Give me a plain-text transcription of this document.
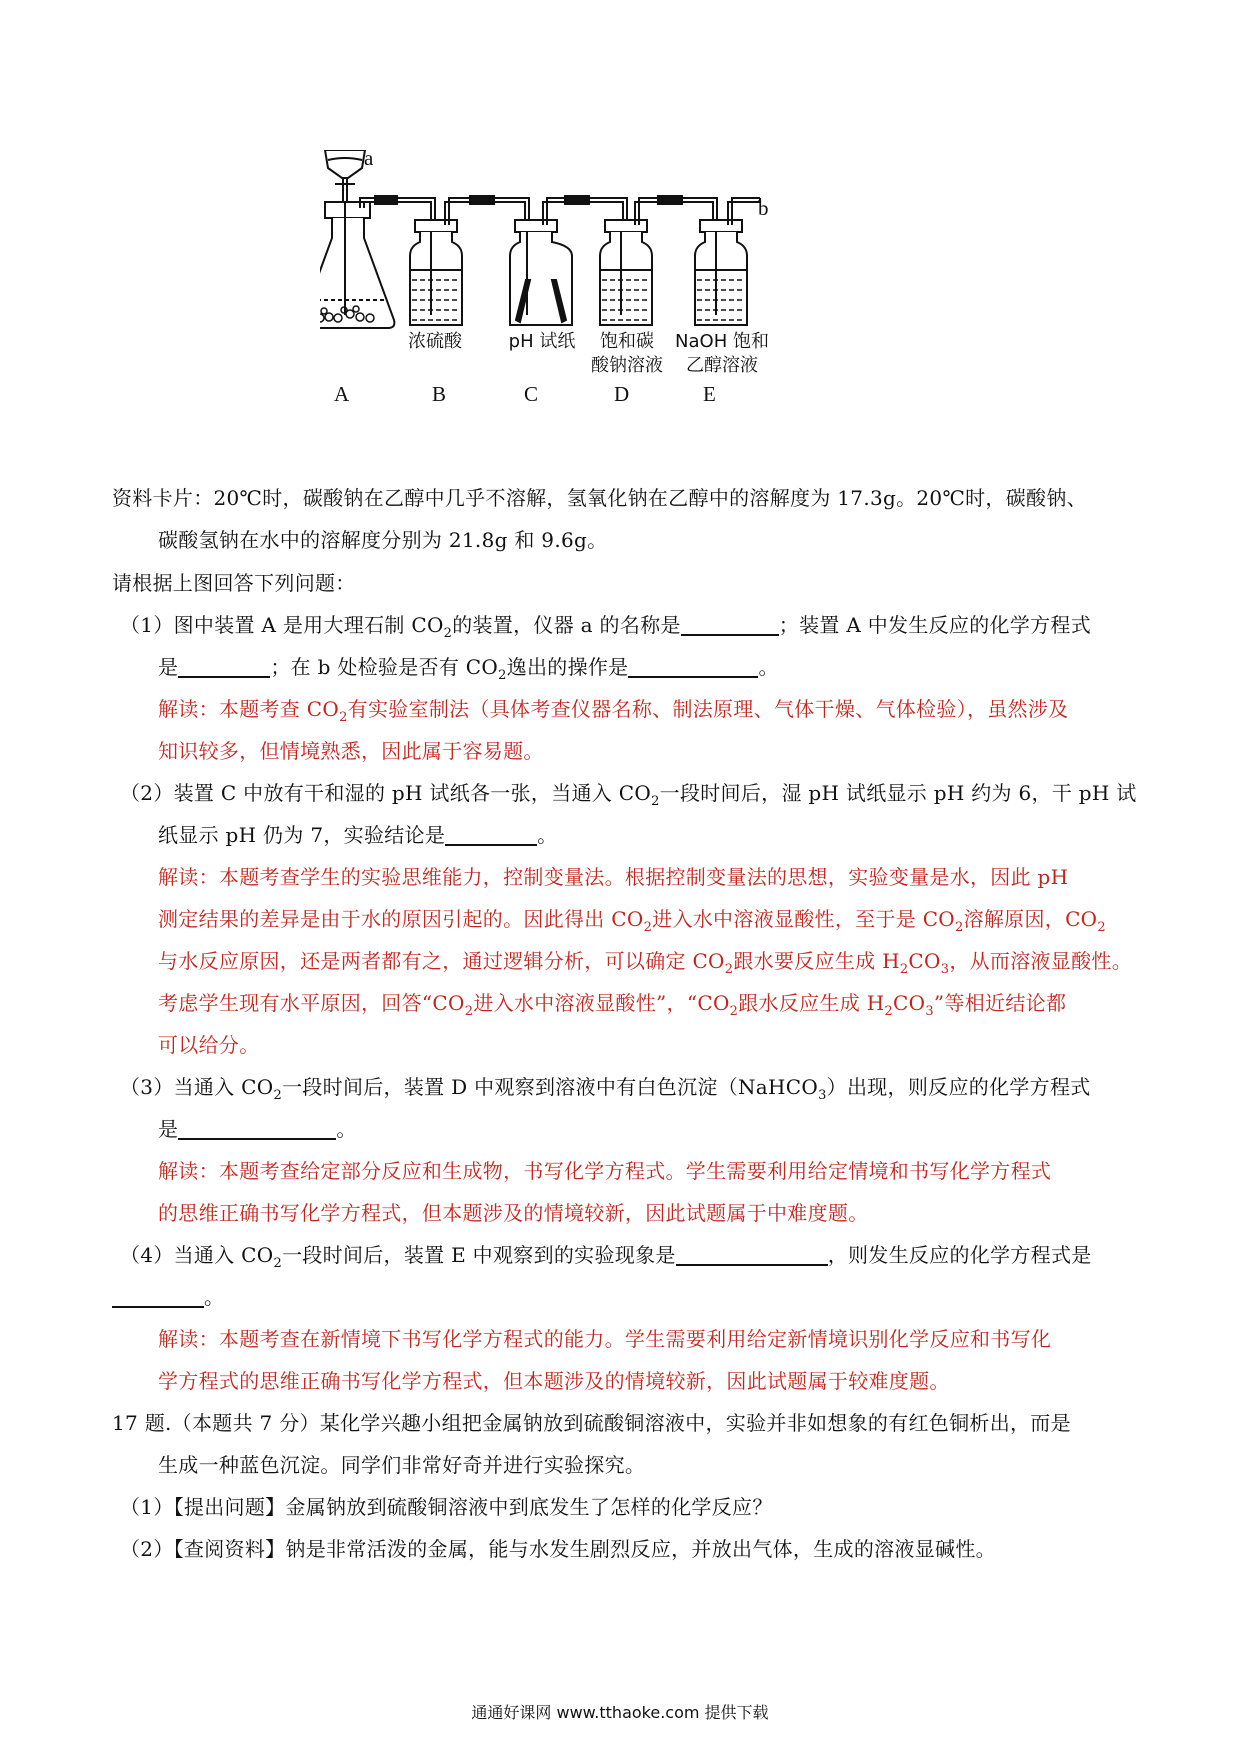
a
b
浓硫酸	pH 试纸	饱和碳
酸钠溶液
NaOH 饱和
乙醇溶液
A	B	C	D	E
资料卡片：20℃时，碳酸钠在乙醇中几乎不溶解，氢氧化钠在乙醇中的溶解度为 17.3g。20℃时，碳酸钠、
碳酸氢钠在水中的溶解度分别为 21.8g 和 9.6g。
请根据上图回答下列问题：
（1）图中装置 A 是用大理石制 $CO_2$的装置，仪器 a 的名称是	；装置 A 中发生反应的化学方程式
是	；在 b 处检验是否有 $CO_2$逸出的操作是	。
解读：本题考查 $CO_2$有实验室制法（具体考查仪器名称、制法原理、气体干燥、气体检验），虽然涉及
知识较多，但情境熟悉，因此属于容易题。
（2）装置 C 中放有干和湿的 pH 试纸各一张，当通入 $CO_2$一段时间后，湿 pH 试纸显示 pH 约为 6，干 pH 试
纸显示 pH 仍为 7，实验结论是	。
解读：本题考查学生的实验思维能力，控制变量法。根据控制变量法的思想，实验变量是水，因此 pH
测定结果的差异是由于水的原因引起的。因此得出 $CO_2$进入水中溶液显酸性，至于是 $CO_2$溶解原因，$CO_2$
与水反应原因，还是两者都有之，通过逻辑分析，可以确定 $CO_2$跟水要反应生成 $H_2CO_3$，从而溶液显酸性。
考虑学生现有水平原因，回答“$CO_2$进入水中溶液显酸性”，“$CO_2$跟水反应生成 $H_2CO_3$”等相近结论都
可以给分。
（3）当通入 $CO_2$一段时间后，装置 D 中观察到溶液中有白色沉淀（NaHCO$_3$）出现，则反应的化学方程式
是	。
解读：本题考查给定部分反应和生成物，书写化学方程式。学生需要利用给定情境和书写化学方程式
的思维正确书写化学方程式，但本题涉及的情境较新，因此试题属于中难度题。
（4）当通入 $CO_2$一段时间后，装置 E 中观察到的实验现象是	，则发生反应的化学方程式是
。
解读：本题考查在新情境下书写化学方程式的能力。学生需要利用给定新情境识别化学反应和书写化
学方程式的思维正确书写化学方程式，但本题涉及的情境较新，因此试题属于较难度题。
17 题.（本题共 7 分）某化学兴趣小组把金属钠放到硫酸铜溶液中，实验并非如想象的有红色铜析出，而是
生成一种蓝色沉淀。同学们非常好奇并进行实验探究。
（1）【提出问题】金属钠放到硫酸铜溶液中到底发生了怎样的化学反应？
（2）【查阅资料】钠是非常活泼的金属，能与水发生剧烈反应，并放出气体，生成的溶液显碱性。
通通好课网 www.tthaoke.com 提供下载
